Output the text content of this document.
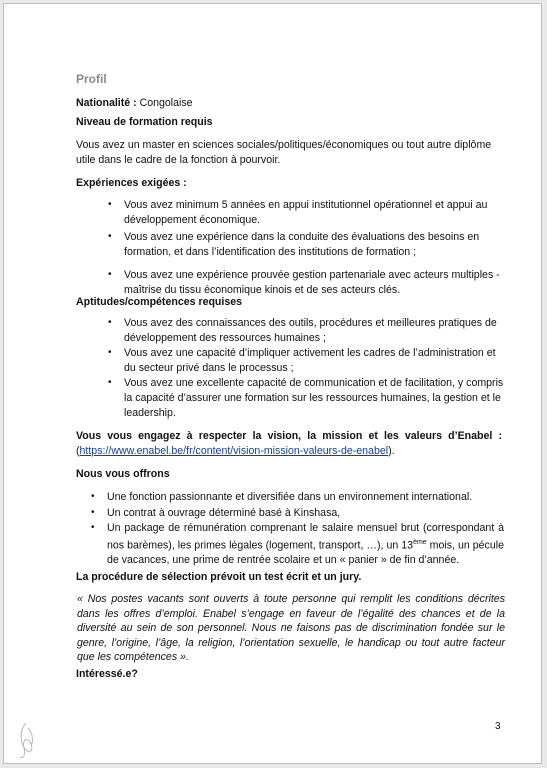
Profil
Nationalité : Congolaise
Niveau de formation requis
Vous avez un master en sciences sociales/politiques/économiques ou tout autre diplôme utile dans le cadre de la fonction à pourvoir.
Expériences exigées :
• Vous avez minimum 5 années en appui institutionnel opérationnel et appui au développement économique.
• Vous avez une expérience dans la conduite des évaluations des besoins en formation, et dans l’identification des institutions de formation ;
• Vous avez une expérience prouvée gestion partenariale avec acteurs multiples - maîtrise du tissu économique kinois et de ses acteurs clés.
Aptitudes/compétences requises
• Vous avez des connaissances des outils, procédures et meilleures pratiques de développement des ressources humaines ;
• Vous avez une capacité d’impliquer activement les cadres de l’administration et du secteur privé dans le processus ;
• Vous avez une excellente capacité de communication et de facilitation, y compris la capacité d’assurer une formation sur les ressources humaines, la gestion et le leadership.
Vous vous engagez à respecter la vision, la mission et les valeurs d’Enabel :(https://www.enabel.be/fr/content/vision-mission-valeurs-de-enabel).
Nous vous offrons
• Une fonction passionnante et diversifiée dans un environnement international.
• Un contrat à ouvrage déterminé basé à Kinshasa,
• Un package de rémunération comprenant le salaire mensuel brut (correspondant à nos barèmes), les primes légales (logement, transport, …), un 13ème mois, un pécule de vacances, une prime de rentrée scolaire et un « panier » de fin d’année.
La procédure de sélection prévoit un test écrit et un jury.
« Nos postes vacants sont ouverts à toute personne qui remplit les conditions décrites dans les offres d’emploi. Enabel s’engage en faveur de l’égalité des chances et de la diversité au sein de son personnel. Nous ne faisons pas de discrimination fondée sur le genre, l’origine, l’âge, la religion, l’orientation sexuelle, le handicap ou tout autre facteur que les compétences ».
Intéressé.e?
3
